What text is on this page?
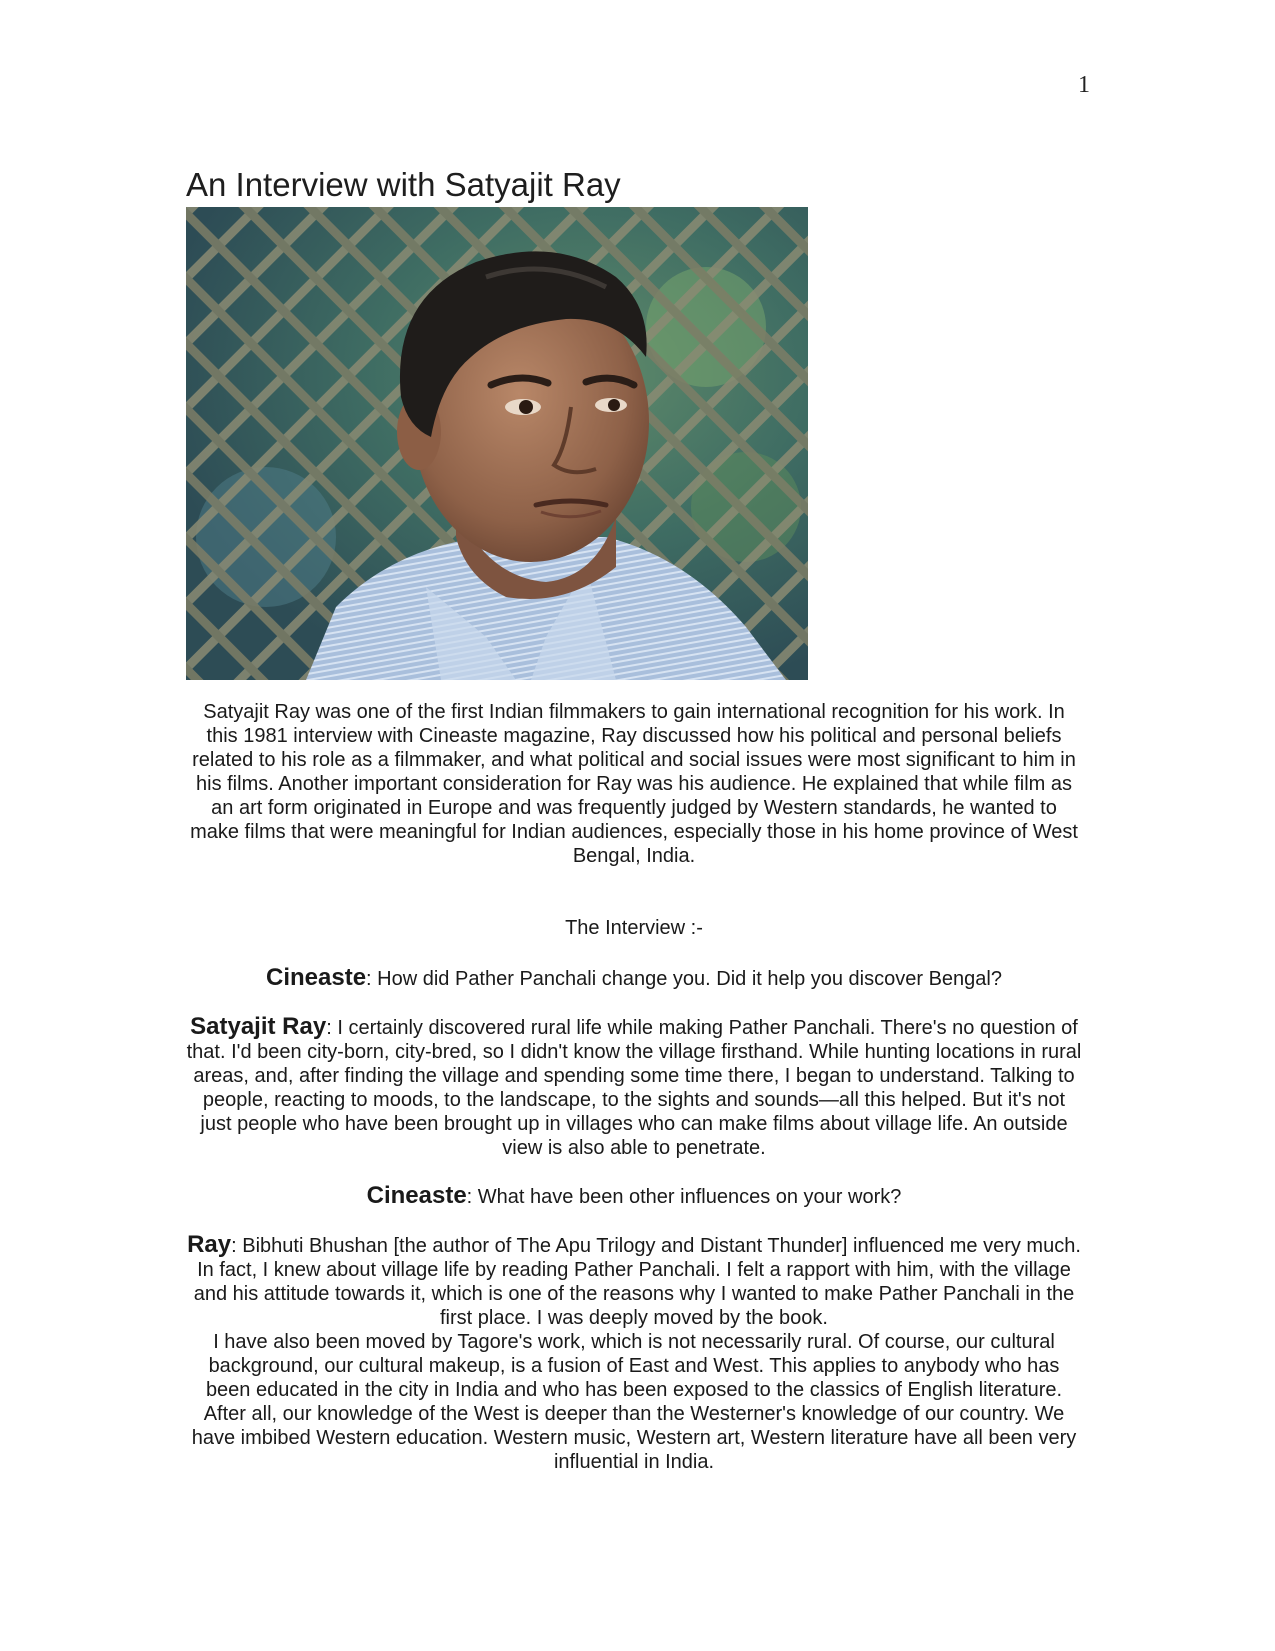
1
An Interview with Satyajit Ray

Satyajit Ray was one of the first Indian filmmakers to gain international recognition for his work. In this 1981 interview with Cineaste magazine, Ray discussed how his political and personal beliefs related to his role as a filmmaker, and what political and social issues were most significant to him in his films. Another important consideration for Ray was his audience. He explained that while film as an art form originated in Europe and was frequently judged by Western standards, he wanted to make films that were meaningful for Indian audiences, especially those in his home province of West Bengal, India.

The Interview :-

Cineaste: How did Pather Panchali change you. Did it help you discover Bengal?

Satyajit Ray: I certainly discovered rural life while making Pather Panchali. There's no question of that. I'd been city-born, city-bred, so I didn't know the village firsthand. While hunting locations in rural areas, and, after finding the village and spending some time there, I began to understand. Talking to people, reacting to moods, to the landscape, to the sights and sounds—all this helped. But it's not just people who have been brought up in villages who can make films about village life. An outside view is also able to penetrate.

Cineaste: What have been other influences on your work?

Ray: Bibhuti Bhushan [the author of The Apu Trilogy and Distant Thunder] influenced me very much. In fact, I knew about village life by reading Pather Panchali. I felt a rapport with him, with the village and his attitude towards it, which is one of the reasons why I wanted to make Pather Panchali in the first place. I was deeply moved by the book.

I have also been moved by Tagore's work, which is not necessarily rural. Of course, our cultural background, our cultural makeup, is a fusion of East and West. This applies to anybody who has been educated in the city in India and who has been exposed to the classics of English literature. After all, our knowledge of the West is deeper than the Westerner's knowledge of our country. We have imbibed Western education. Western music, Western art, Western literature have all been very influential in India.
